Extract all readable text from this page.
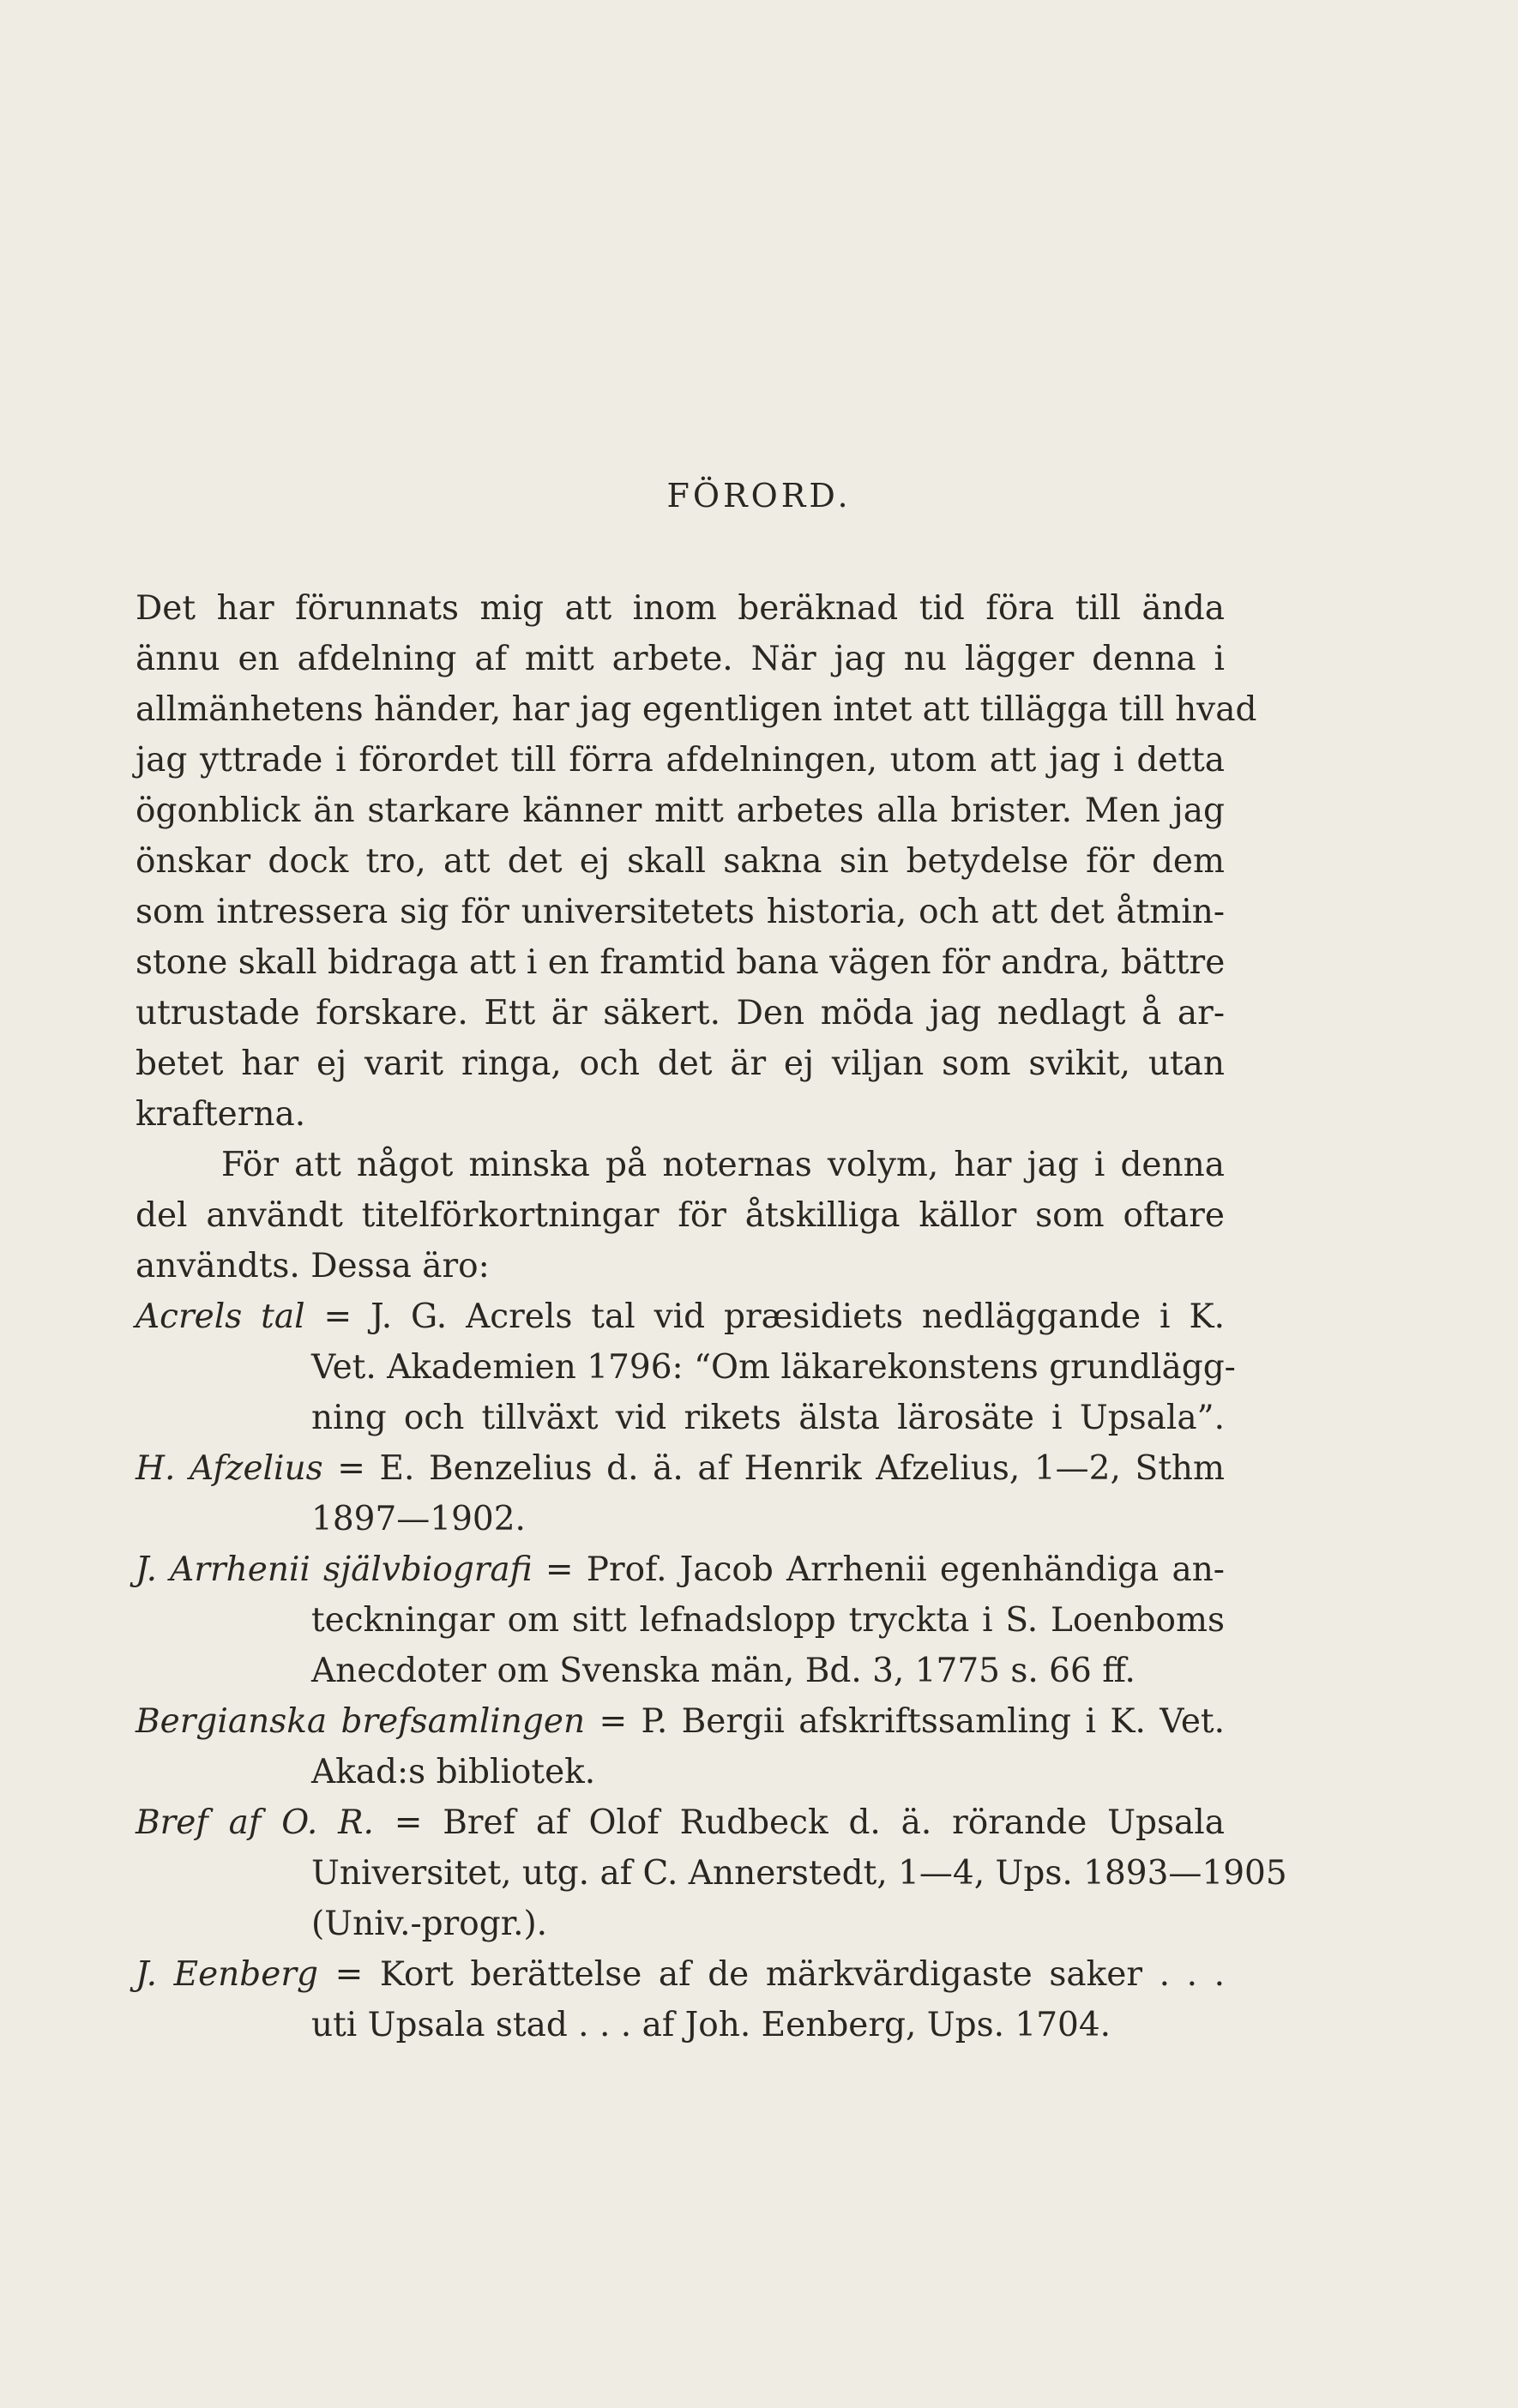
FÖRORD.
Det har förunnats mig att inom beräknad tid föra till ända
ännu en afdelning af mitt arbete. När jag nu lägger denna i
allmänhetens händer, har jag egentligen intet att tillägga till hvad
jag yttrade i förordet till förra afdelningen, utom att jag i detta
ögonblick än starkare känner mitt arbetes alla brister. Men jag
önskar dock tro, att det ej skall sakna sin betydelse för dem
som intressera sig för universitetets historia, och att det åtmin-
stone skall bidraga att i en framtid bana vägen för andra, bättre
utrustade forskare. Ett är säkert. Den möda jag nedlagt å ar-
betet har ej varit ringa, och det är ej viljan som svikit, utan
krafterna.
För att något minska på noternas volym, har jag i denna
del användt titelförkortningar för åtskilliga källor som oftare
användts. Dessa äro:
Acrels tal = J. G. Acrels tal vid præsidiets nedläggande i K.
Vet. Akademien 1796: “Om läkarekonstens grundlägg-
ning och tillväxt vid rikets älsta lärosäte i Upsala”.
H. Afzelius = E. Benzelius d. ä. af Henrik Afzelius, 1—2, Sthm
1897—1902.
J. Arrhenii självbiografi = Prof. Jacob Arrhenii egenhändiga an-
teckningar om sitt lefnadslopp tryckta i S. Loenboms
Anecdoter om Svenska män, Bd. 3, 1775 s. 66 ff.
Bergianska brefsamlingen = P. Bergii afskriftssamling i K. Vet.
Akad:s bibliotek.
Bref af O. R. = Bref af Olof Rudbeck d. ä. rörande Upsala
Universitet, utg. af C. Annerstedt, 1—4, Ups. 1893—1905
(Univ.-progr.).
J. Eenberg = Kort berättelse af de märkvärdigaste saker . . .
uti Upsala stad . . . af Joh. Eenberg, Ups. 1704.
